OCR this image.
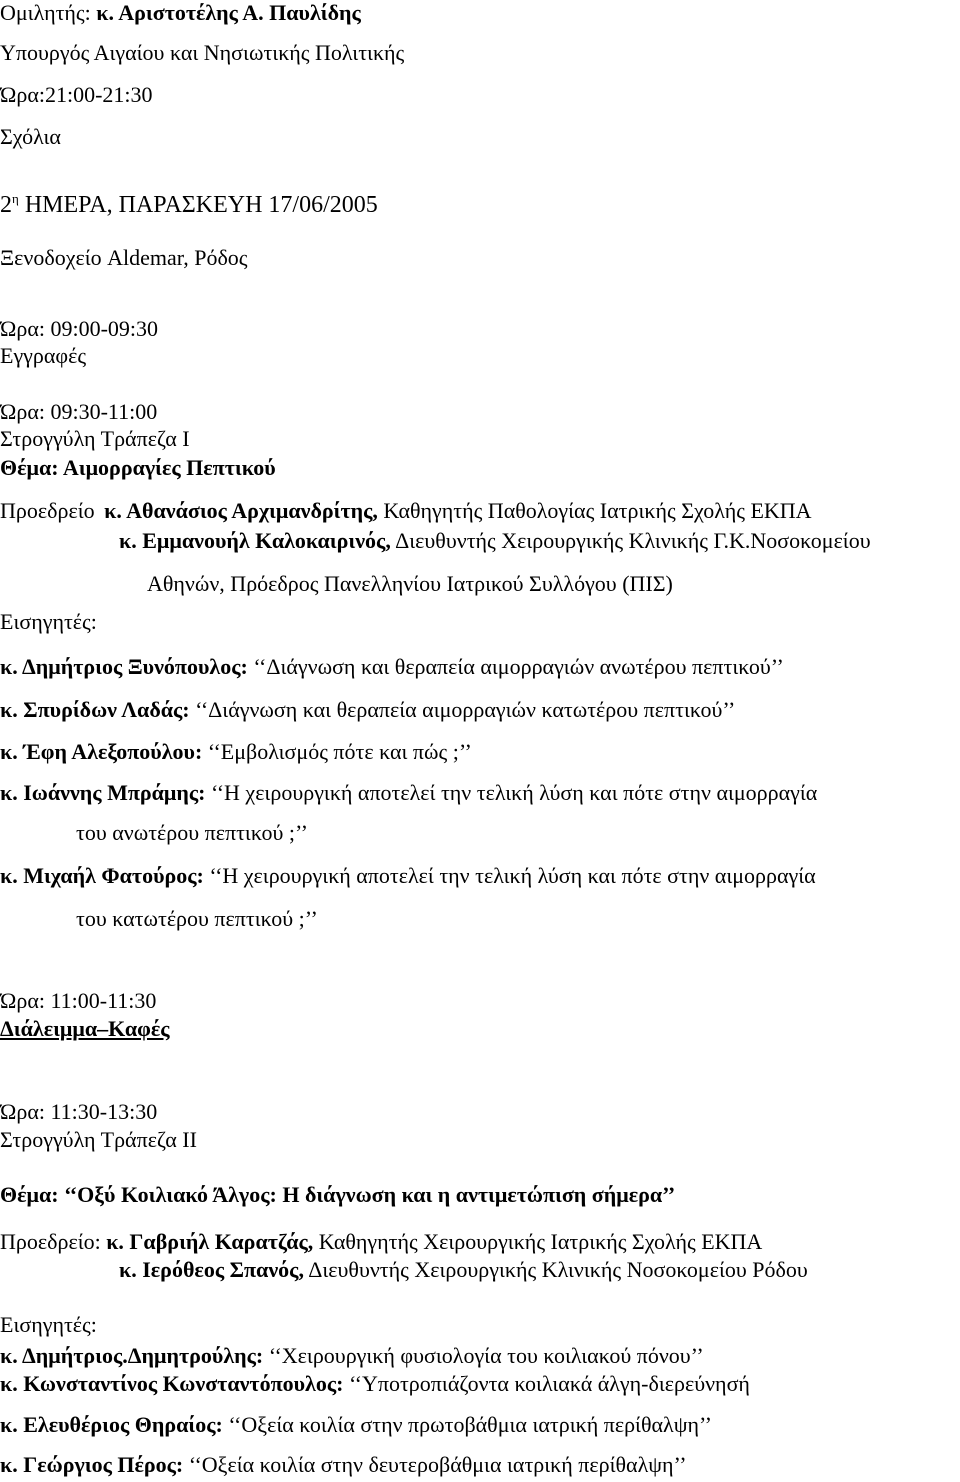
Ομιλητής: κ. Αριστοτέλης Α. Παυλίδης
Υπουργός Αιγαίου και Νησιωτικής Πολιτικής
Ώρα:21:00-21:30
Σχόλια
$2^\eta$ ΗΜΕΡΑ, ΠΑΡΑΣΚΕΥΗ 17/06/2005
Ξενοδοχείο Aldemar, Ρόδος
Ώρα: 09:00-09:30
Εγγραφές
Ώρα: 09:30-11:00
Στρογγύλη Τράπεζα Ι
Θέμα: Αιμορραγίες Πεπτικού
Προεδρείο κ. Αθανάσιος Αρχιμανδρίτης, Καθηγητής Παθολογίας Ιατρικής Σχολής ΕΚΠΑ
κ. Εμμανουήλ Καλοκαιρινός, Διευθυντής Χειρουργικής Κλινικής Γ.Κ.Νοσοκομείου
Αθηνών, Πρόεδρος Πανελληνίου Ιατρικού Συλλόγου (ΠΙΣ)
Εισηγητές:
κ. Δημήτριος Ξυνόπουλος: ‘‘Διάγνωση και θεραπεία αιμορραγιών ανωτέρου πεπτικού’’
κ. Σπυρίδων Λαδάς: ‘‘Διάγνωση και θεραπεία αιμορραγιών κατωτέρου πεπτικού’’
κ. Έφη Αλεξοπούλου: ‘‘Εμβολισμός πότε και πώς ;’’
κ. Ιωάννης Μπράμης: ‘‘Η χειρουργική αποτελεί την τελική λύση και πότε στην αιμορραγία
του ανωτέρου πεπτικού ;’’
κ. Μιχαήλ Φατούρος: ‘‘Η χειρουργική αποτελεί την τελική λύση και πότε στην αιμορραγία
του κατωτέρου πεπτικού ;’’
Ώρα: 11:00-11:30
Διάλειμμα–Καφές
Ώρα: 11:30-13:30
Στρογγύλη Τράπεζα ΙΙ
Θέμα: ‘‘Οξύ Κοιλιακό Άλγος: Η διάγνωση και η αντιμετώπιση σήμερα’’
Προεδρείο: κ. Γαβριήλ Καρατζάς, Καθηγητής Χειρουργικής Ιατρικής Σχολής ΕΚΠΑ
κ. Ιερόθεος Σπανός, Διευθυντής Χειρουργικής Κλινικής Νοσοκομείου Ρόδου
Εισηγητές:
κ. Δημήτριος.Δημητρούλης: ‘‘Χειρουργική φυσιολογία του κοιλιακού πόνου’’
κ. Κωνσταντίνος Κωνσταντόπουλος: ‘‘Υποτροπιάζοντα κοιλιακά άλγη-διερεύνησή
κ. Ελευθέριος Θηραίος: ‘‘Οξεία κοιλία στην πρωτοβάθμια ιατρική περίθαλψη’’
κ. Γεώργιος Πέρος: ‘‘Οξεία κοιλία στην δευτεροβάθμια ιατρική περίθαλψη’’
